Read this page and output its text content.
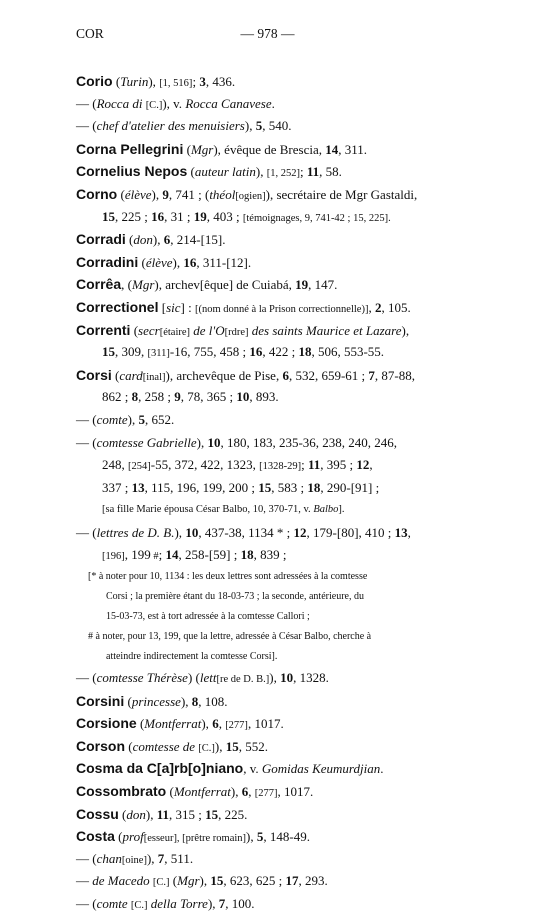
COR	— 978 —
Corio (Turin), [1, 516]; 3, 436.
— (Rocca di [C.]), v. Rocca Canavese.
— (chef d'atelier des menuisiers), 5, 540.
Corna Pellegrini (Mgr), évêque de Brescia, 14, 311.
Cornelius Nepos (auteur latin), [1, 252]; 11, 58.
Corno (élève), 9, 741 ; (théol[ogien]), secrétaire de Mgr Gastaldi,
15, 225 ; 16, 31 ; 19, 403 ; [témoignages, 9, 741-42 ; 15, 225].
Corradi (don), 6, 214-[15].
Corradini (élève), 16, 311-[12].
Corrêa, (Mgr), archev[êque] de Cuiabá, 19, 147.
Correctionel [sic] : [(nom donné à la Prison correctionnelle)], 2, 105.
Correnti (secr[étaire] de l'O[rdre] des saints Maurice et Lazare),
15, 309, [311]-16, 755, 458 ; 16, 422 ; 18, 506, 553-55.
Corsi (card[inal]), archevêque de Pise, 6, 532, 659-61 ; 7, 87-88,
862 ; 8, 258 ; 9, 78, 365 ; 10, 893.
— (comte), 5, 652.
— (comtesse Gabrielle), 10, 180, 183, 235-36, 238, 240, 246,
248, [254]-55, 372, 422, 1323, [1328-29]; 11, 395 ; 12,
337 ; 13, 115, 196, 199, 200 ; 15, 583 ; 18, 290-[91] ;
[sa fille Marie épousa César Balbo, 10, 370-71, v. Balbo].
— (lettres de D. B.), 10, 437-38, 1134 * ; 12, 179-[80], 410 ; 13,
[196], 199 #; 14, 258-[59] ; 18, 839 ;
[* à noter pour 10, 1134 : les deux lettres sont adressées à la comtesse
Corsi ; la première étant du 18-03-73 ; la seconde, antérieure, du
15-03-73, est à tort adressée à la comtesse Callori ;
# à noter, pour 13, 199, que la lettre, adressée à César Balbo, cherche à
atteindre indirectement la comtesse Corsi].
— (comtesse Thérèse) (lett[re de D. B.]), 10, 1328.
Corsini (princesse), 8, 108.
Corsione (Montferrat), 6, [277], 1017.
Corson (comtesse de [C.]), 15, 552.
Cosma da C[a]rb[o]niano, v. Gomidas Keumurdjian.
Cossombrato (Montferrat), 6, [277], 1017.
Cossu (don), 11, 315 ; 15, 225.
Costa (prof[esseur], [prêtre romain]), 5, 148-49.
— (chan[oine]), 7, 511.
— de Macedo [C.] (Mgr), 15, 623, 625 ; 17, 293.
— (comte [C.] della Torre), 7, 100.
